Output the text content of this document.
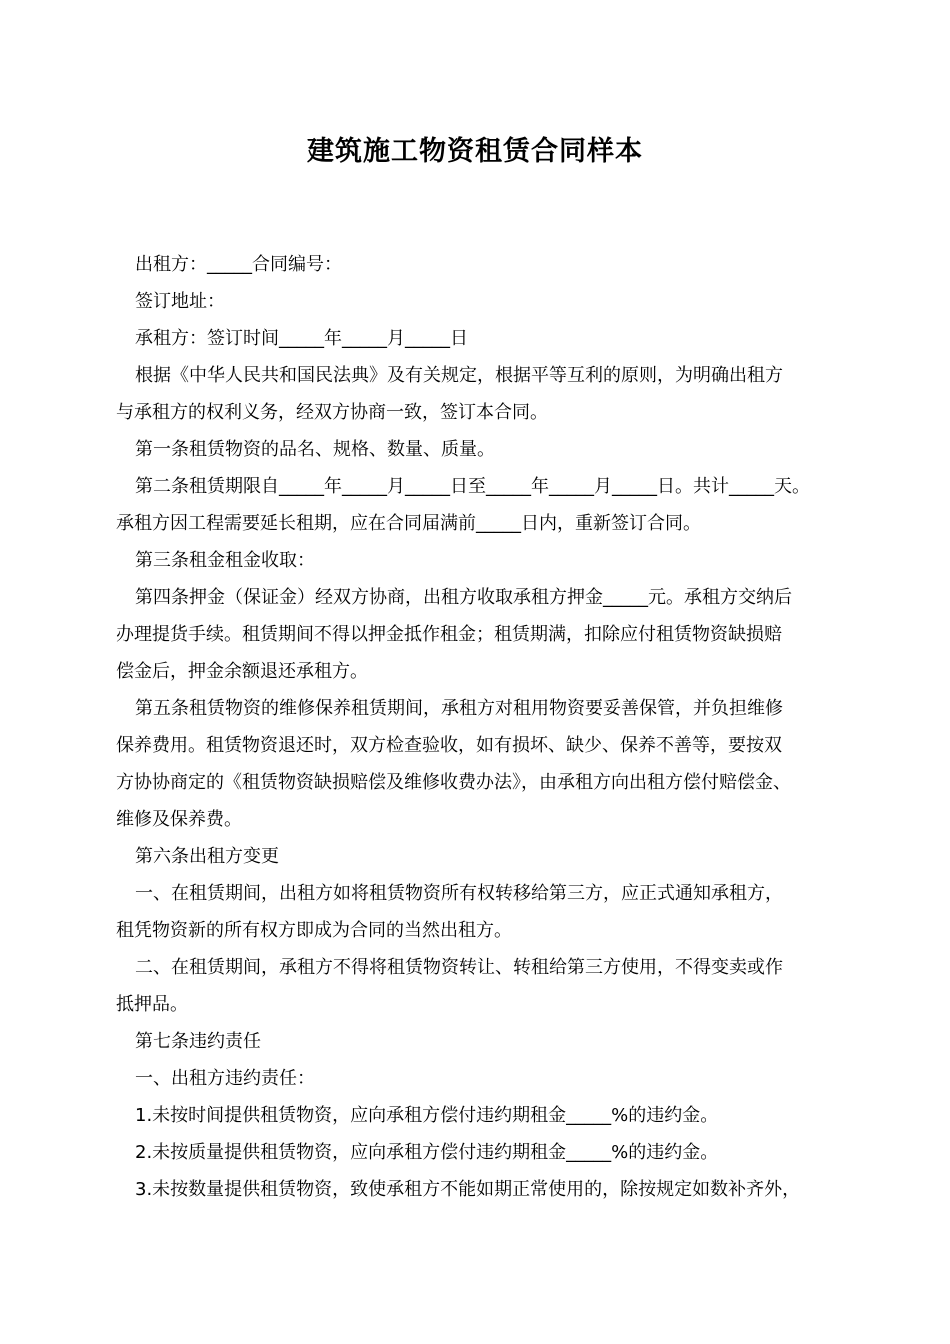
建筑施工物资租赁合同样本
出租方：_____合同编号：
签订地址：
承租方：签订时间_____年_____月_____日
根据《中华人民共和国民法典》及有关规定，根据平等互利的原则，为明确出租方
与承租方的权利义务，经双方协商一致，签订本合同。
第一条租赁物资的品名、规格、数量、质量。
第二条租赁期限自_____年_____月_____日至_____年_____月_____日。共计_____天。
承租方因工程需要延长租期，应在合同届满前_____日内，重新签订合同。
第三条租金租金收取：
第四条押金（保证金）经双方协商，出租方收取承租方押金_____元。承租方交纳后
办理提货手续。租赁期间不得以押金抵作租金；租赁期满，扣除应付租赁物资缺损赔
偿金后，押金余额退还承租方。
第五条租赁物资的维修保养租赁期间，承租方对租用物资要妥善保管，并负担维修
保养费用。租赁物资退还时，双方检查验收，如有损坏、缺少、保养不善等，要按双
方协协商定的《租赁物资缺损赔偿及维修收费办法》，由承租方向出租方偿付赔偿金、
维修及保养费。
第六条出租方变更
一、在租赁期间，出租方如将租赁物资所有权转移给第三方，应正式通知承租方，
租凭物资新的所有权方即成为合同的当然出租方。
二、在租赁期间，承租方不得将租赁物资转让、转租给第三方使用，不得变卖或作
抵押品。
第七条违约责任
一、出租方违约责任：
1.未按时间提供租赁物资，应向承租方偿付违约期租金_____%的违约金。
2.未按质量提供租赁物资，应向承租方偿付违约期租金_____%的违约金。
3.未按数量提供租赁物资，致使承租方不能如期正常使用的，除按规定如数补齐外，
